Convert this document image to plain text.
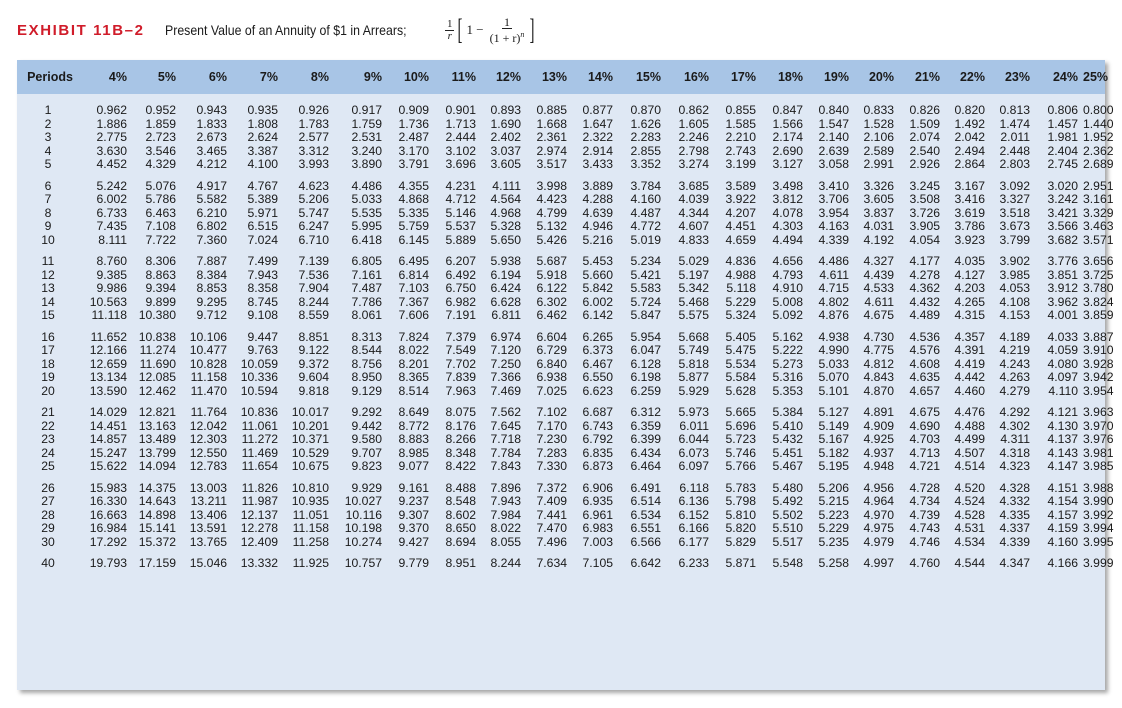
EXHIBIT 11B–2 Present Value of an Annuity of $1 in Arrears;	$\frac{1}{r}$ [ $1 - \frac{1}{(1 + r)^n}$ ]
Periods	4%	5%	6%	7%	8%	9%	10%	11%	12%	13%	14%	15%	16%	17%	18%	19%	20%	21%	22%	23%	24%	25%

1	0.962	0.952	0.943	0.935	0.926	0.917	0.909	0.901	0.893	0.885	0.877	0.870	0.862	0.855	0.847	0.840	0.833	0.826	0.820	0.813	0.806	0.800
2	1.886	1.859	1.833	1.808	1.783	1.759	1.736	1.713	1.690	1.668	1.647	1.626	1.605	1.585	1.566	1.547	1.528	1.509	1.492	1.474	1.457	1.440
3	2.775	2.723	2.673	2.624	2.577	2.531	2.487	2.444	2.402	2.361	2.322	2.283	2.246	2.210	2.174	2.140	2.106	2.074	2.042	2.011	1.981	1.952
4	3.630	3.546	3.465	3.387	3.312	3.240	3.170	3.102	3.037	2.974	2.914	2.855	2.798	2.743	2.690	2.639	2.589	2.540	2.494	2.448	2.404	2.362
5	4.452	4.329	4.212	4.100	3.993	3.890	3.791	3.696	3.605	3.517	3.433	3.352	3.274	3.199	3.127	3.058	2.991	2.926	2.864	2.803	2.745	2.689

6	5.242	5.076	4.917	4.767	4.623	4.486	4.355	4.231	4.111	3.998	3.889	3.784	3.685	3.589	3.498	3.410	3.326	3.245	3.167	3.092	3.020	2.951
7	6.002	5.786	5.582	5.389	5.206	5.033	4.868	4.712	4.564	4.423	4.288	4.160	4.039	3.922	3.812	3.706	3.605	3.508	3.416	3.327	3.242	3.161
8	6.733	6.463	6.210	5.971	5.747	5.535	5.335	5.146	4.968	4.799	4.639	4.487	4.344	4.207	4.078	3.954	3.837	3.726	3.619	3.518	3.421	3.329
9	7.435	7.108	6.802	6.515	6.247	5.995	5.759	5.537	5.328	5.132	4.946	4.772	4.607	4.451	4.303	4.163	4.031	3.905	3.786	3.673	3.566	3.463
10	8.111	7.722	7.360	7.024	6.710	6.418	6.145	5.889	5.650	5.426	5.216	5.019	4.833	4.659	4.494	4.339	4.192	4.054	3.923	3.799	3.682	3.571

11	8.760	8.306	7.887	7.499	7.139	6.805	6.495	6.207	5.938	5.687	5.453	5.234	5.029	4.836	4.656	4.486	4.327	4.177	4.035	3.902	3.776	3.656
12	9.385	8.863	8.384	7.943	7.536	7.161	6.814	6.492	6.194	5.918	5.660	5.421	5.197	4.988	4.793	4.611	4.439	4.278	4.127	3.985	3.851	3.725
13	9.986	9.394	8.853	8.358	7.904	7.487	7.103	6.750	6.424	6.122	5.842	5.583	5.342	5.118	4.910	4.715	4.533	4.362	4.203	4.053	3.912	3.780
14	10.563	9.899	9.295	8.745	8.244	7.786	7.367	6.982	6.628	6.302	6.002	5.724	5.468	5.229	5.008	4.802	4.611	4.432	4.265	4.108	3.962	3.824
15	11.118	10.380	9.712	9.108	8.559	8.061	7.606	7.191	6.811	6.462	6.142	5.847	5.575	5.324	5.092	4.876	4.675	4.489	4.315	4.153	4.001	3.859

16	11.652	10.838	10.106	9.447	8.851	8.313	7.824	7.379	6.974	6.604	6.265	5.954	5.668	5.405	5.162	4.938	4.730	4.536	4.357	4.189	4.033	3.887
17	12.166	11.274	10.477	9.763	9.122	8.544	8.022	7.549	7.120	6.729	6.373	6.047	5.749	5.475	5.222	4.990	4.775	4.576	4.391	4.219	4.059	3.910
18	12.659	11.690	10.828	10.059	9.372	8.756	8.201	7.702	7.250	6.840	6.467	6.128	5.818	5.534	5.273	5.033	4.812	4.608	4.419	4.243	4.080	3.928
19	13.134	12.085	11.158	10.336	9.604	8.950	8.365	7.839	7.366	6.938	6.550	6.198	5.877	5.584	5.316	5.070	4.843	4.635	4.442	4.263	4.097	3.942
20	13.590	12.462	11.470	10.594	9.818	9.129	8.514	7.963	7.469	7.025	6.623	6.259	5.929	5.628	5.353	5.101	4.870	4.657	4.460	4.279	4.110	3.954

21	14.029	12.821	11.764	10.836	10.017	9.292	8.649	8.075	7.562	7.102	6.687	6.312	5.973	5.665	5.384	5.127	4.891	4.675	4.476	4.292	4.121	3.963
22	14.451	13.163	12.042	11.061	10.201	9.442	8.772	8.176	7.645	7.170	6.743	6.359	6.011	5.696	5.410	5.149	4.909	4.690	4.488	4.302	4.130	3.970
23	14.857	13.489	12.303	11.272	10.371	9.580	8.883	8.266	7.718	7.230	6.792	6.399	6.044	5.723	5.432	5.167	4.925	4.703	4.499	4.311	4.137	3.976
24	15.247	13.799	12.550	11.469	10.529	9.707	8.985	8.348	7.784	7.283	6.835	6.434	6.073	5.746	5.451	5.182	4.937	4.713	4.507	4.318	4.143	3.981
25	15.622	14.094	12.783	11.654	10.675	9.823	9.077	8.422	7.843	7.330	6.873	6.464	6.097	5.766	5.467	5.195	4.948	4.721	4.514	4.323	4.147	3.985

26	15.983	14.375	13.003	11.826	10.810	9.929	9.161	8.488	7.896	7.372	6.906	6.491	6.118	5.783	5.480	5.206	4.956	4.728	4.520	4.328	4.151	3.988
27	16.330	14.643	13.211	11.987	10.935	10.027	9.237	8.548	7.943	7.409	6.935	6.514	6.136	5.798	5.492	5.215	4.964	4.734	4.524	4.332	4.154	3.990
28	16.663	14.898	13.406	12.137	11.051	10.116	9.307	8.602	7.984	7.441	6.961	6.534	6.152	5.810	5.502	5.223	4.970	4.739	4.528	4.335	4.157	3.992
29	16.984	15.141	13.591	12.278	11.158	10.198	9.370	8.650	8.022	7.470	6.983	6.551	6.166	5.820	5.510	5.229	4.975	4.743	4.531	4.337	4.159	3.994
30	17.292	15.372	13.765	12.409	11.258	10.274	9.427	8.694	8.055	7.496	7.003	6.566	6.177	5.829	5.517	5.235	4.979	4.746	4.534	4.339	4.160	3.995

40	19.793	17.159	15.046	13.332	11.925	10.757	9.779	8.951	8.244	7.634	7.105	6.642	6.233	5.871	5.548	5.258	4.997	4.760	4.544	4.347	4.166	3.999
